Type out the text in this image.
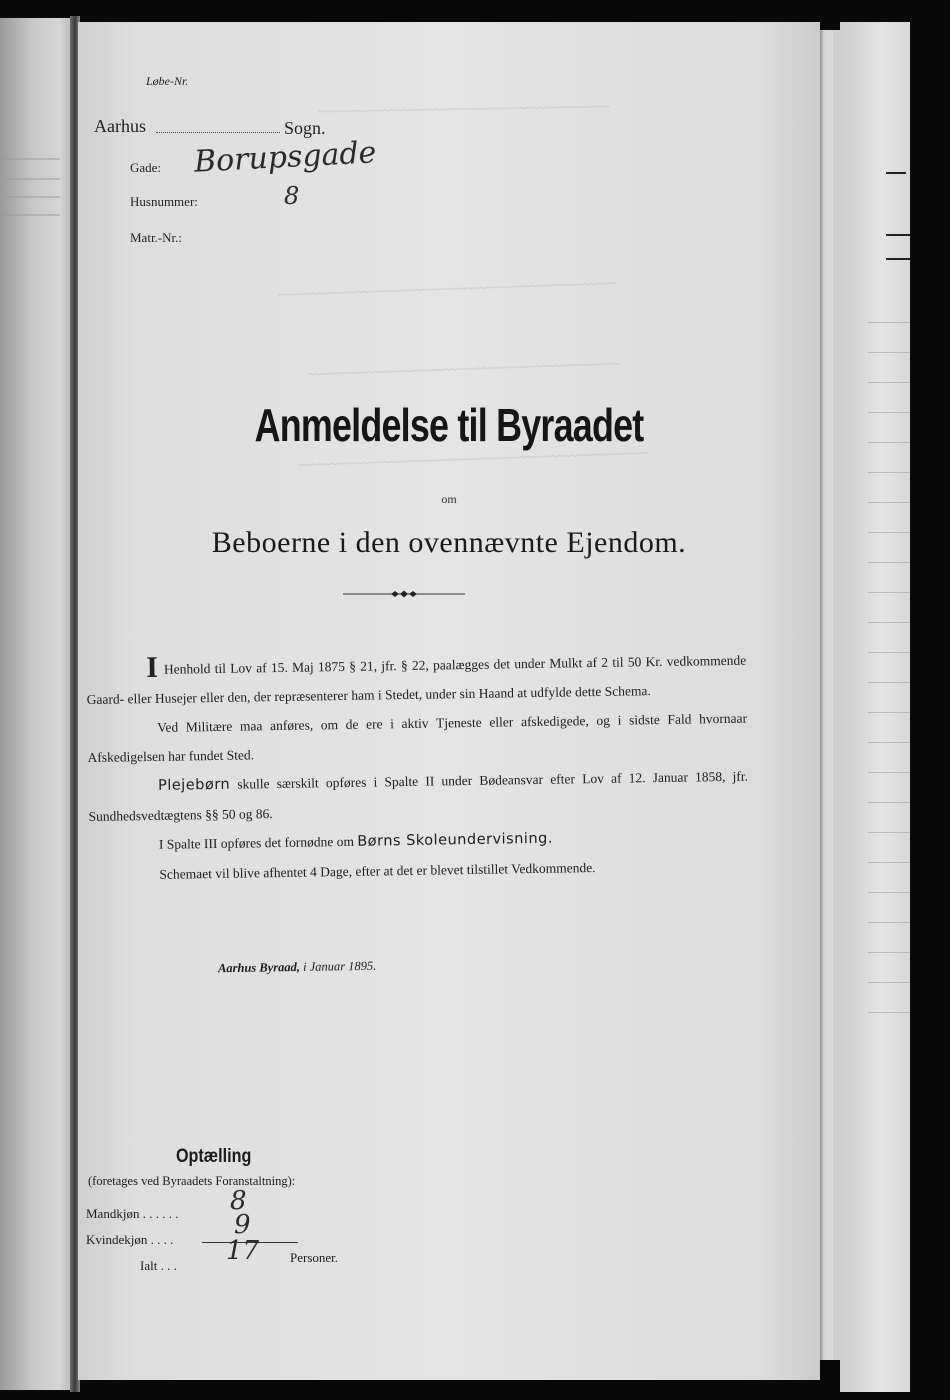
~~~~~~~~~~~~~~~~~~~~~~~~~~~~~~~~~~~~~~~~~~~~~
~~~~~~~~~~~~~~~~~~~~~~~~~~~~~~~~~~~~~~~~~~~~~~~~~~~~
~~~~~~~~~~~~~~~~~~~~~~~~~~~~~~~~~~~~~~~~~~~~~~~~
~~~~~~~~~~~~~~~~~~~~~~~~~~~~~~~~~~~~~~~~~~~~~~~~~~~~~~
Løbe-Nr.
Aarhus	Sogn.
Gade: Borupsgade
Husnummer:	8
Matr.-Nr.:
Anmeldelse til Byraadet
om
Beboerne i den ovennævnte Ejendom.

I Henhold til Lov af 15. Maj 1875 § 21, jfr. § 22, paalægges det under Mulkt af 2 til 50 Kr. vedkommende Gaard- eller Husejer eller den, der repræsenterer ham i Stedet, under sin Haand at udfylde dette Schema.

Ved Militære maa anføres, om de ere i aktiv Tjeneste eller afskedigede, og i sidste Fald hvornaar Afskedigelsen har fundet Sted.

Plejebørn skulle særskilt opføres i Spalte II under Bødeansvar efter Lov af 12. Januar 1858, jfr. Sundhedsvedtægtens §§ 50 og 86.

I Spalte III opføres det fornødne om Børns Skoleundervisning.

Schemaet vil blive afhentet 4 Dage, efter at det er blevet tilstillet Vedkommende.

Aarhus Byraad, i Januar 1895.
Optælling
(foretages ved Byraadets Foranstaltning):
Mandkjøn . . . . . . 8
Kvindekjøn . . . . 9
Ialt . . . 17 Personer.
